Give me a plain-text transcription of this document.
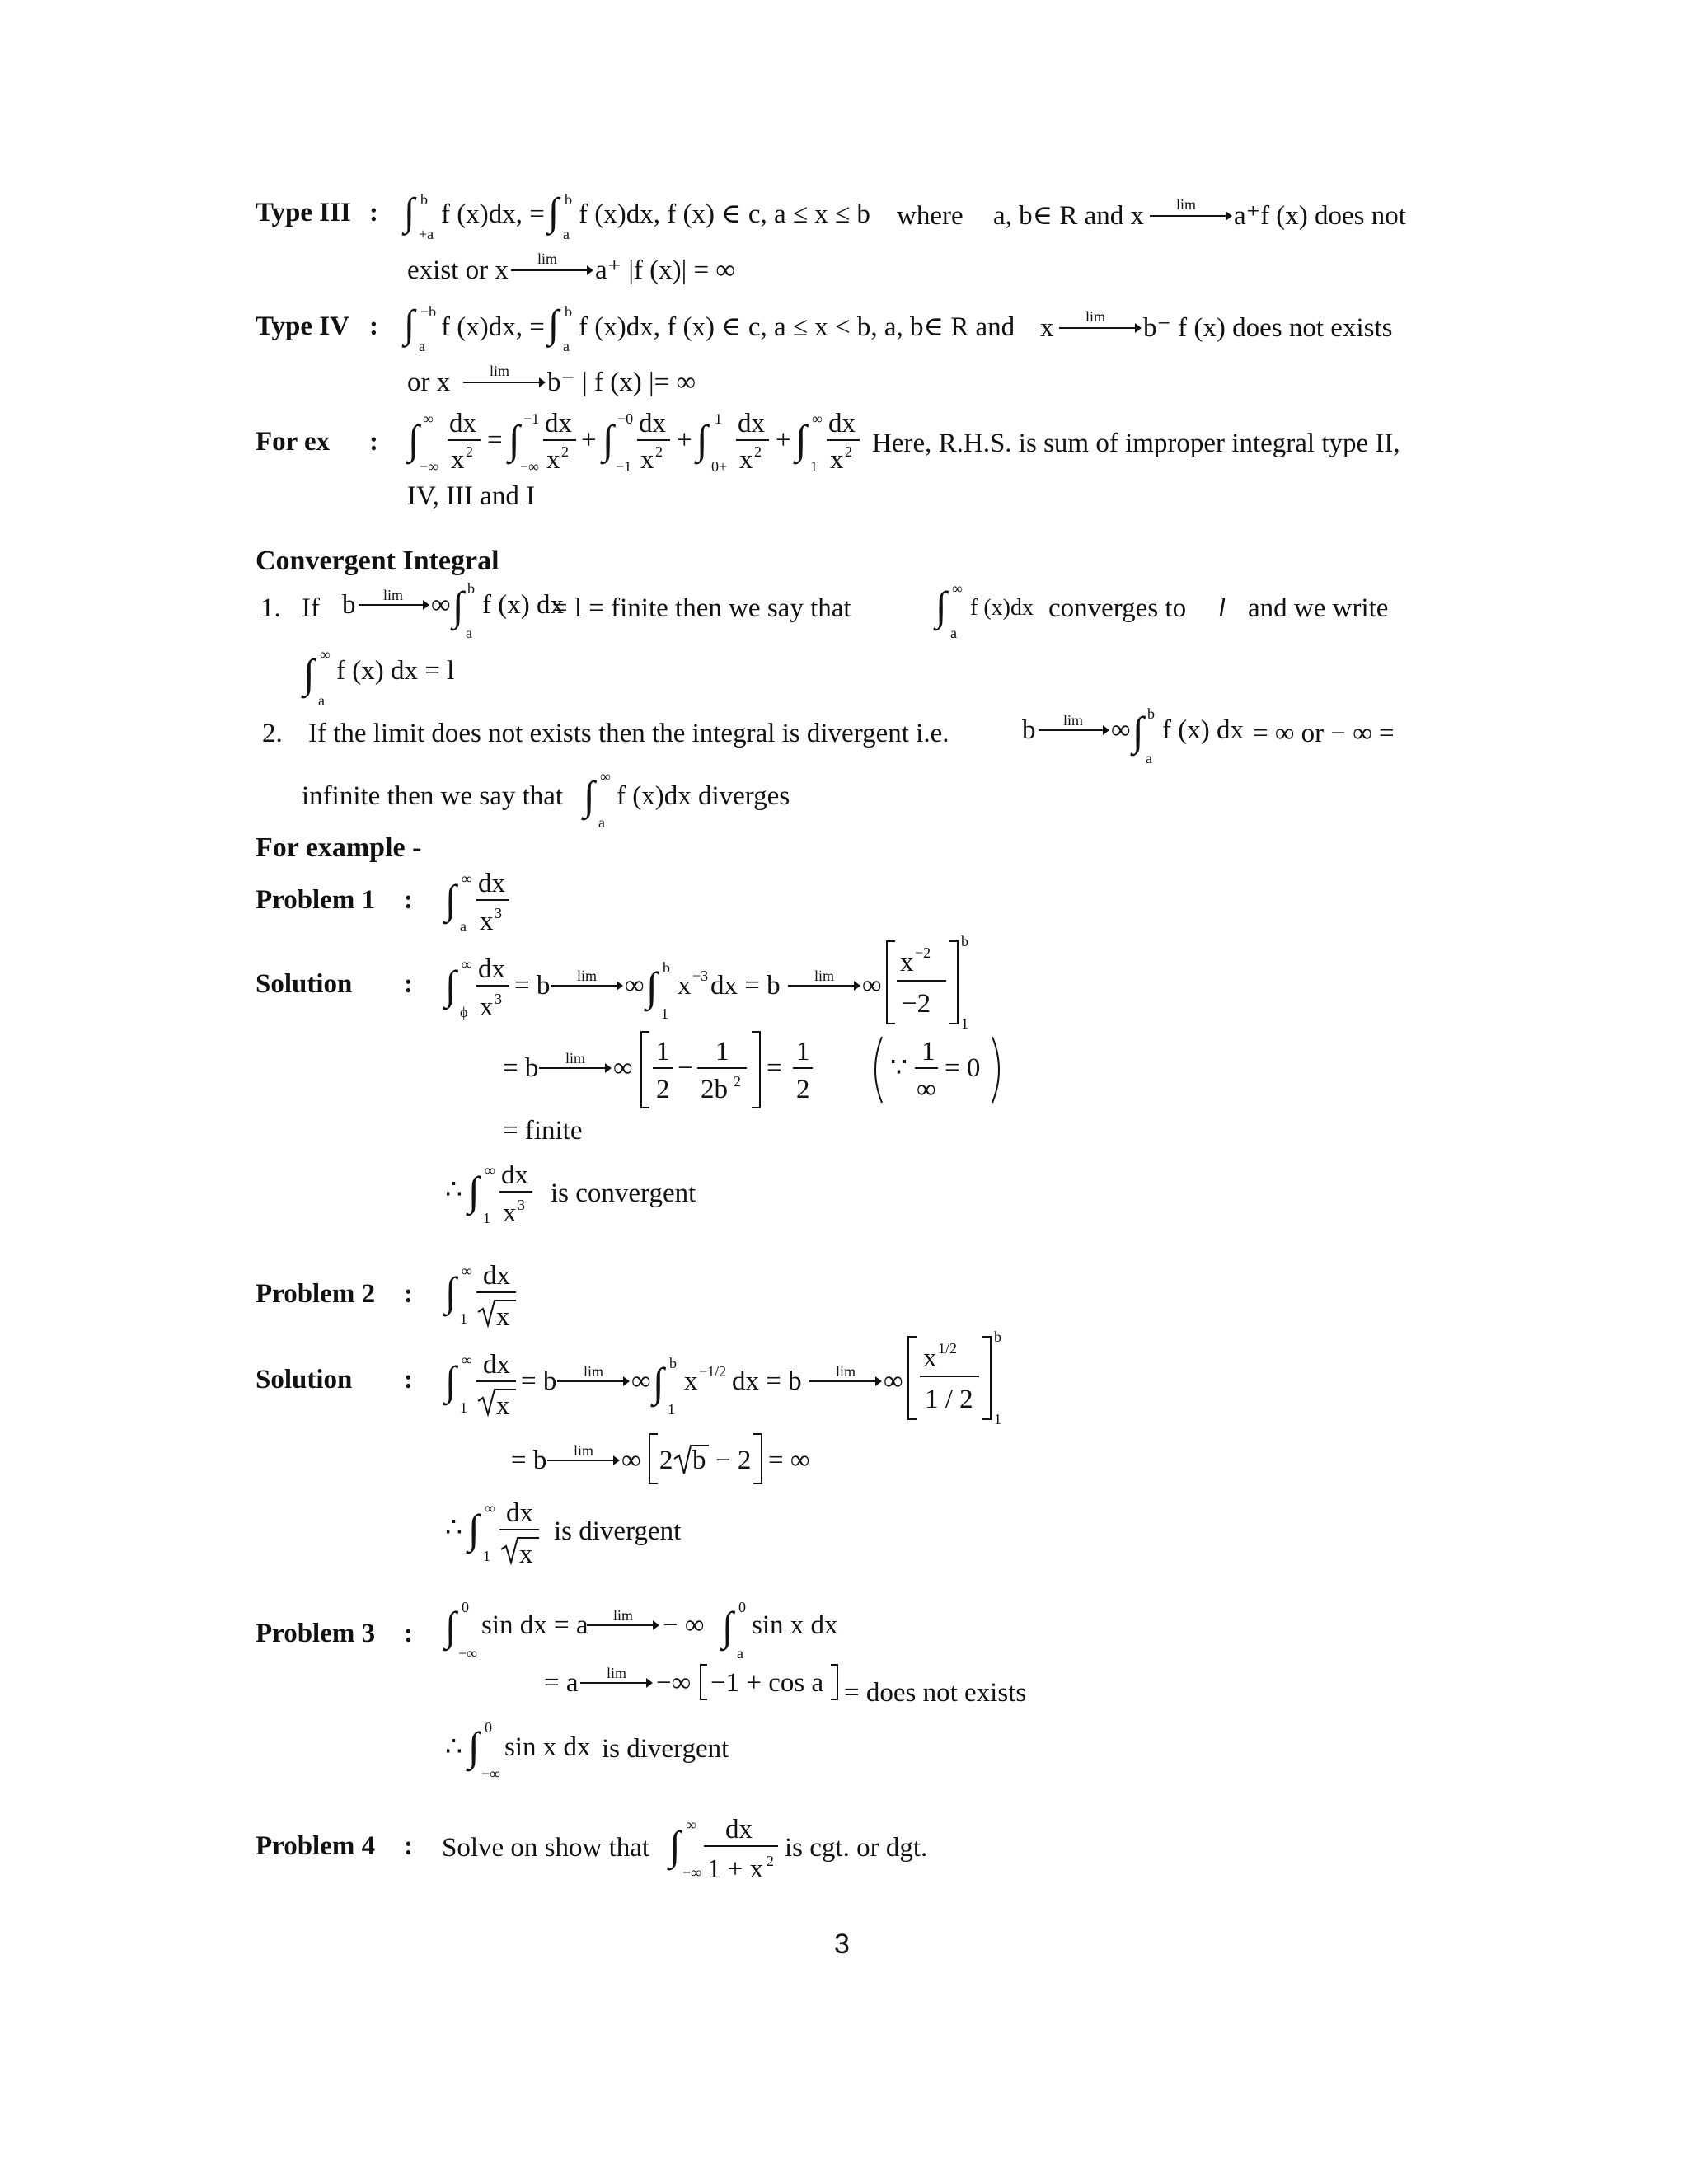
Type III : ∫ b
+a
f (x)dx, = ∫ b
a
f (x)dx, f (x) ∈ c, a ≤ x ≤ b where a, b∈ R and x lim a⁺f (x) does not
exist or x lim a⁺ |f (x)| = ∞
Type IV : ∫ −b
a
f (x)dx, = ∫ b
a
f (x)dx, f (x) ∈ c, a ≤ x < b, a, b∈ R and x lim b⁻ f (x) does not exists
or x	lim b⁻ | f (x) |= ∞
For ex : ∫ ∞
−∞
dx
x 2 = ∫ −1
−∞
dx
x 2 + ∫ −0
−1
dx
x 2 + ∫ 1
0+
dx
x 2 + ∫ ∞
1
dx
x 2 Here, R.H.S. is sum of improper integral type II,
IV, III and I
Convergent Integral
1. If b lim ∞ ∫ b
a
f (x) dx
= l = finite then we say that ∫ ∞
a
f (x)dx converges to l and we write
∫ ∞
a
f (x) dx = l
2. If the limit does not exists then the integral is divergent i.e.	b lim ∞ ∫ b
a
f (x) dx = ∞ or − ∞ =
infinite then we say that ∫ ∞
a
f (x)dx diverges
For example -
Problem 1 : ∫ ∞
a
dx
x 3
Solution : ∫ ∞
ϕ
dx
x 3 = b lim ∞ ∫ b
1
x −3 dx = b lim ∞
x −2
−2
b
1
= b lim ∞
1
2
−
1
2b 2 =
1
2
∵
1
∞
= 0
= finite
∴ ∫ ∞
1
dx
x 3 is convergent
Problem 2 : ∫ ∞
1
dx
x
Solution : ∫ ∞
1
dx
x
= b lim ∞ ∫ b
1
x −1/2 dx = b lim ∞
x 1/2
1 / 2
b
1
= b lim ∞ 2 b − 2 = ∞
∴ ∫ ∞
1
dx
x
is divergent
Problem 3 : ∫ 0
−∞
sin dx = a lim − ∞ ∫ 0
a
sin x dx
= a lim −∞ −1 + cos a = does not exists
∴ ∫ 0
−∞
sin x dx is divergent
Problem 4 : Solve on show that ∫ ∞
−∞
dx
1 + x 2 is cgt. or dgt.
3
